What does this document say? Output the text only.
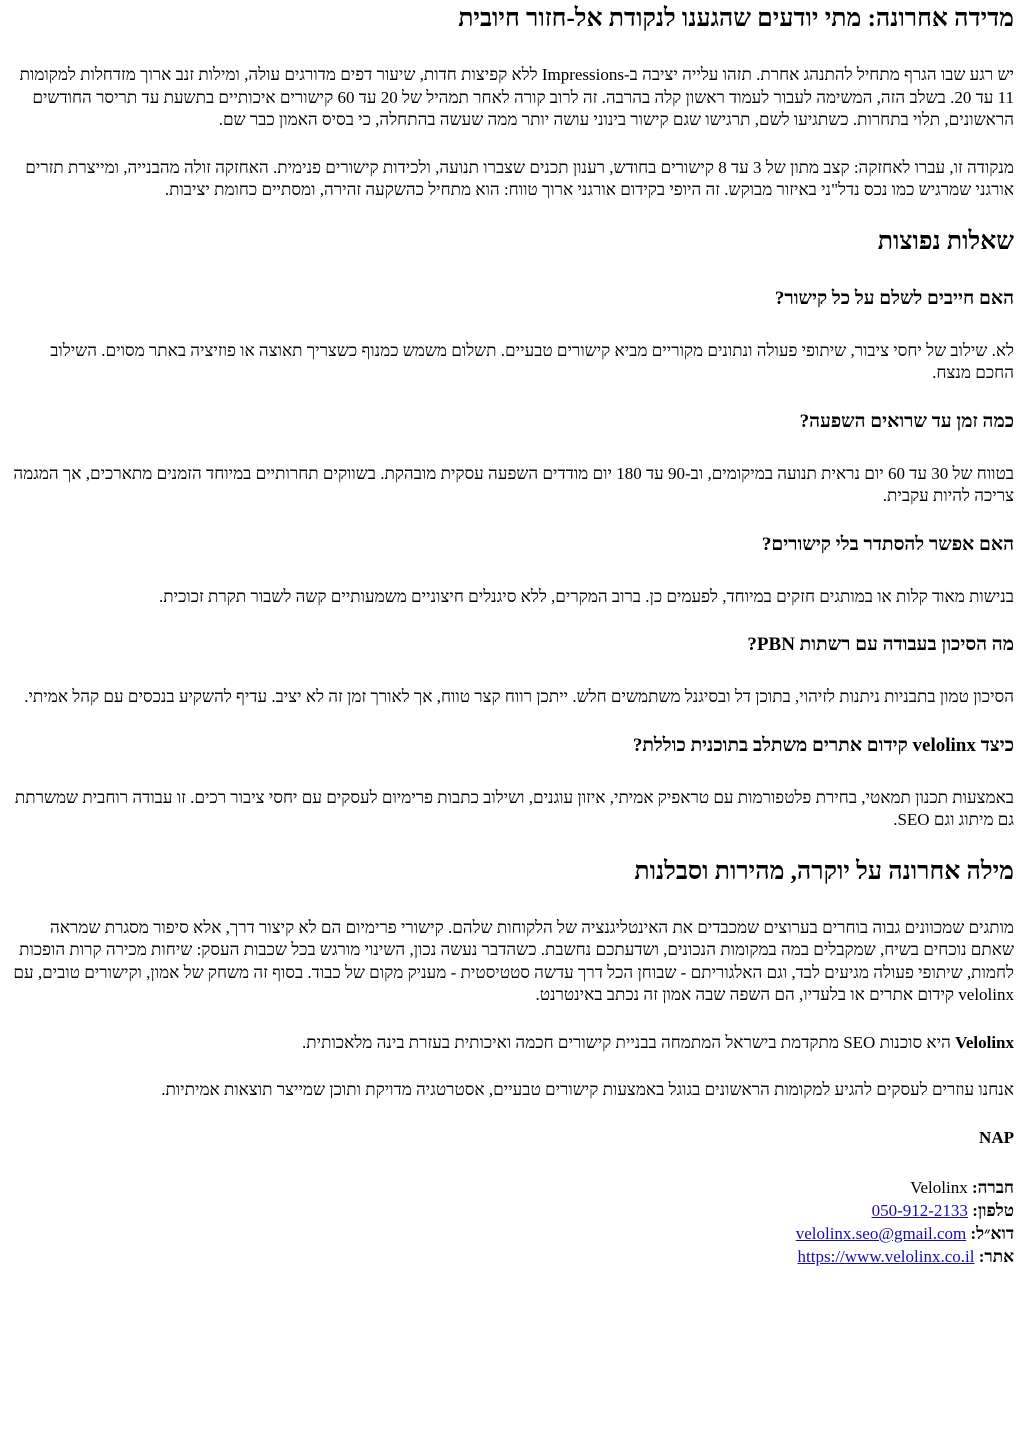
מדידה אחרונה: מתי יודעים שהגענו לנקודת אל-חזור חיובית

יש רגע שבו הגרף מתחיל להתנהג אחרת. תזהו עלייה יציבה ב-Impressions ללא קפיצות חדות, שיעור דפים מדורגים עולה, ומילות זנב ארוך מזדחלות למקומות 11 עד 20. בשלב הזה, המשימה לעבור לעמוד ראשון קלה בהרבה. זה לרוב קורה לאחר תמהיל של 20 עד 60 קישורים איכותיים בתשעת עד תריסר החודשים הראשונים, תלוי בתחרות. כשתגיעו לשם, תרגישו שגם קישור בינוני עושה יותר ממה שעשה בהתחלה, כי בסיס האמון כבר שם.

מנקודה זו, עברו לאחזקה: קצב מתון של 3 עד 8 קישורים בחודש, רענון תכנים שצברו תנועה, ולכידות קישורים פנימית. האחזקה זולה מהבנייה, ומייצרת תזרים אורגני שמרגיש כמו נכס נדל"ני באיזור מבוקש. זה היופי בקידום אורגני ארוך טווח: הוא מתחיל כהשקעה זהירה, ומסתיים כחומת יציבות.

שאלות נפוצות
האם חייבים לשלם על כל קישור?

לא. שילוב של יחסי ציבור, שיתופי פעולה ונתונים מקוריים מביא קישורים טבעיים. תשלום משמש כמנוף כשצריך תאוצה או פוזיציה באתר מסוים. השילוב החכם מנצח.

כמה זמן עד שרואים השפעה?

בטווח של 30 עד 60 יום נראית תנועה במיקומים, וב-90 עד 180 יום מודדים השפעה עסקית מובהקת. בשווקים תחרותיים במיוחד הזמנים מתארכים, אך המגמה צריכה להיות עקבית.

האם אפשר להסתדר בלי קישורים?

בנישות מאוד קלות או במותגים חזקים במיוחד, לפעמים כן. ברוב המקרים, ללא סיגנלים חיצוניים משמעותיים קשה לשבור תקרת זכוכית.

מה הסיכון בעבודה עם רשתות PBN?

הסיכון טמון בתבניות ניתנות לזיהוי, בתוכן דל ובסיגנל משתמשים חלש. ייתכן רווח קצר טווח, אך לאורך זמן זה לא יציב. עדיף להשקיע בנכסים עם קהל אמיתי.

כיצד velolinx קידום אתרים משתלב בתוכנית כוללת?

באמצעות תכנון תמאטי, בחירת פלטפורמות עם טראפיק אמיתי, איזון עוגנים, ושילוב כתבות פרימיום לעסקים עם יחסי ציבור רכים. זו עבודה רוחבית שמשרתת גם מיתוג וגם SEO.

מילה אחרונה על יוקרה, מהירות וסבלנות

מותגים שמכוונים גבוה בוחרים בערוצים שמכבדים את האינטליגנציה של הלקוחות שלהם. קישורי פרימיום הם לא קיצור דרך, אלא סיפור מסגרת שמראה שאתם נוכחים בשיח, שמקבלים במה במקומות הנכונים, ושדעתכם נחשבת. כשהדבר נעשה נכון, השינוי מורגש בכל שכבות העסק: שיחות מכירה קרות הופכות לחמות, שיתופי פעולה מגיעים לבד, וגם האלגוריתם - שבוחן הכל דרך עדשה סטטיסטית - מעניק מקום של כבוד. בסוף זה משחק של אמון, וקישורים טובים, עם velolinx קידום אתרים או בלעדיו, הם השפה שבה אמון זה נכתב באינטרנט.

Velolinx היא סוכנות SEO מתקדמת בישראל המתמחה בבניית קישורים חכמה ואיכותית בעזרת בינה מלאכותית.

אנחנו עוזרים לעסקים להגיע למקומות הראשונים בגוגל באמצעות קישורים טבעיים, אסטרטגיה מדויקת ותוכן שמייצר תוצאות אמיתיות.

NAP
חברה: Velolinx
טלפון: 050-912-2133
דוא״ל: velolinx.seo@gmail.com
אתר: https://www.velolinx.co.il
